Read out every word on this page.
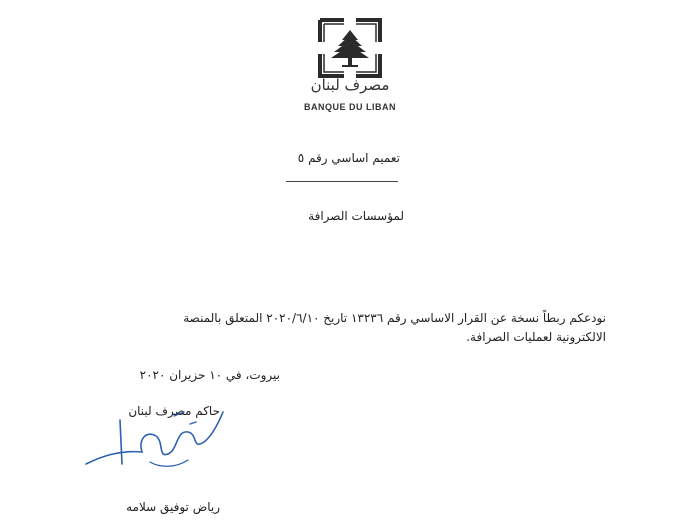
مصرف لبنان
BANQUE DU LIBAN
تعميم اساسي رقم ٥
لمؤسسات الصرافة
نودعكم ربطاً نسخة عن القرار الاساسي رقم ١٣٢٣٦ تاريخ ٢٠٢٠/٦/١٠ المتعلق بالمنصة
الالكترونية لعمليات الصرافة.
بيروت، في ١٠ حزيران ٢٠٢٠
حاكم مصرف لبنان
رياض توفيق سلامه
